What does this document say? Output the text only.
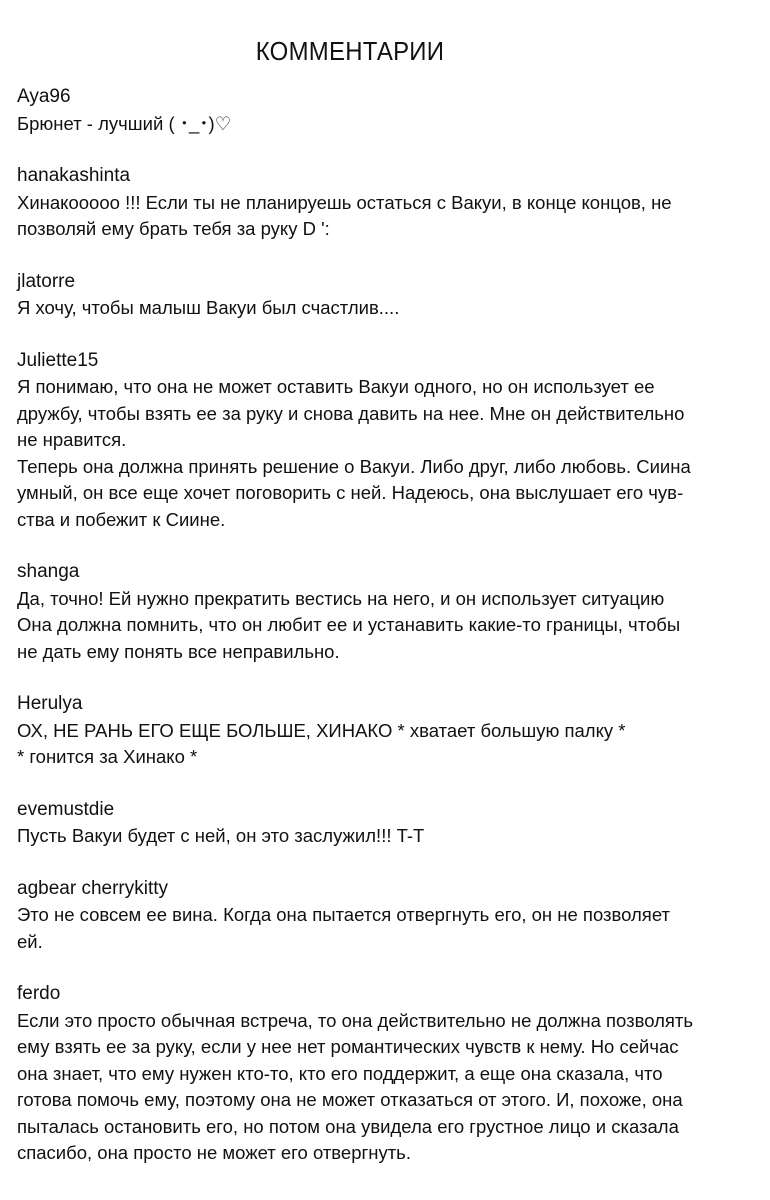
КОММЕНТАРИИ
Aya96
Брюнет - лучший ( ･_･)♡
hanakashinta
Хинакооооо !!! Если ты не планируешь остаться с Вакуи, в конце концов, не
позволяй ему брать тебя за руку D ':
jlatorre
Я хочу, чтобы малыш Вакуи был счастлив....
Juliette15
Я понимаю, что она не может оставить Вакуи одного, но он использует ее
дружбу, чтобы взять ее за руку и снова давить на нее. Мне он действительно
не нравится.
Теперь она должна принять решение о Вакуи. Либо друг, либо любовь. Сиина
умный, он все еще хочет поговорить с ней. Надеюсь, она выслушает его чув-
ства и побежит к Сиине.
shanga
Да, точно! Ей нужно прекратить вестись на него, и он использует ситуацию
Она должна помнить, что он любит ее и устанавить какие-то границы, чтобы
не дать ему понять все неправильно.
Herulya
ОХ, НЕ РАНЬ ЕГО ЕЩЕ БОЛЬШЕ, ХИНАКО * хватает большую палку *
* гонится за Хинако *
evemustdie
Пусть Вакуи будет с ней, он это заслужил!!! T-T
agbear cherrykitty
Это не совсем ее вина. Когда она пытается отвергнуть его, он не позволяет
ей.
ferdo
Если это просто обычная встреча, то она действительно не должна позволять
ему взять ее за руку, если у нее нет романтических чувств к нему. Но сейчас
она знает, что ему нужен кто-то, кто его поддержит, а еще она сказала, что
готова помочь ему, поэтому она не может отказаться от этого. И, похоже, она
пыталась остановить его, но потом она увидела его грустное лицо и сказала
спасибо, она просто не может его отвергнуть.
